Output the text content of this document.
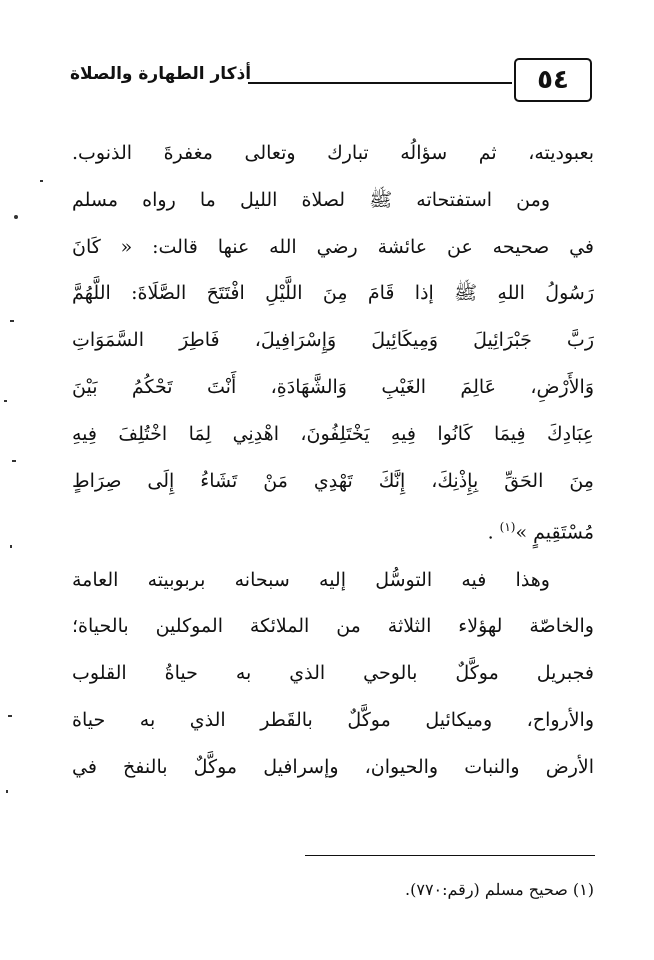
أذكار الطهارة والصلاة	٥٤
بعبوديته، ثم سؤالُه تبارك وتعالى مغفرةَ الذنوب.
ومن استفتحاته ﷺ لصلاة الليل ما رواه مسلم
في صحيحه عن عائشة رضي الله عنها قالت: « كَانَ
رَسُولُ اللهِ ﷺ إذا قَامَ مِنَ اللَّيْلِ افْتَتَحَ الصَّلَاةَ: اللَّهُمَّ
رَبَّ جَبْرَائِيلَ وَمِيكَائِيلَ وَإِسْرَافِيلَ، فَاطِرَ السَّمَوَاتِ
وَالأَرْضِ، عَالِمَ الغَيْبِ وَالشَّهَادَةِ، أَنْتَ تَحْكُمُ بَيْنَ
عِبَادِكَ فِيمَا كَانُوا فِيهِ يَخْتَلِفُونَ، اهْدِنِي لِمَا اخْتُلِفَ فِيهِ
مِنَ الحَقِّ بِإِذْنِكَ، إِنَّكَ تَهْدِي مَنْ تَشَاءُ إِلَى صِرَاطٍ
مُسْتَقِيمٍ »$^{(١)}$ .
وهذا فيه التوسُّل إليه سبحانه بربوبيته العامة
والخاصّة لهؤلاء الثلاثة من الملائكة الموكلين بالحياة؛
فجبريل موكَّلٌ بالوحي الذي به حياةُ القلوب
والأرواح، وميكائيل موكَّلٌ بالقَطر الذي به حياة
الأرض والنبات والحيوان، وإسرافيل موكَّلٌ بالنفخ في
(١) صحيح مسلم (رقم:٧٧٠).
